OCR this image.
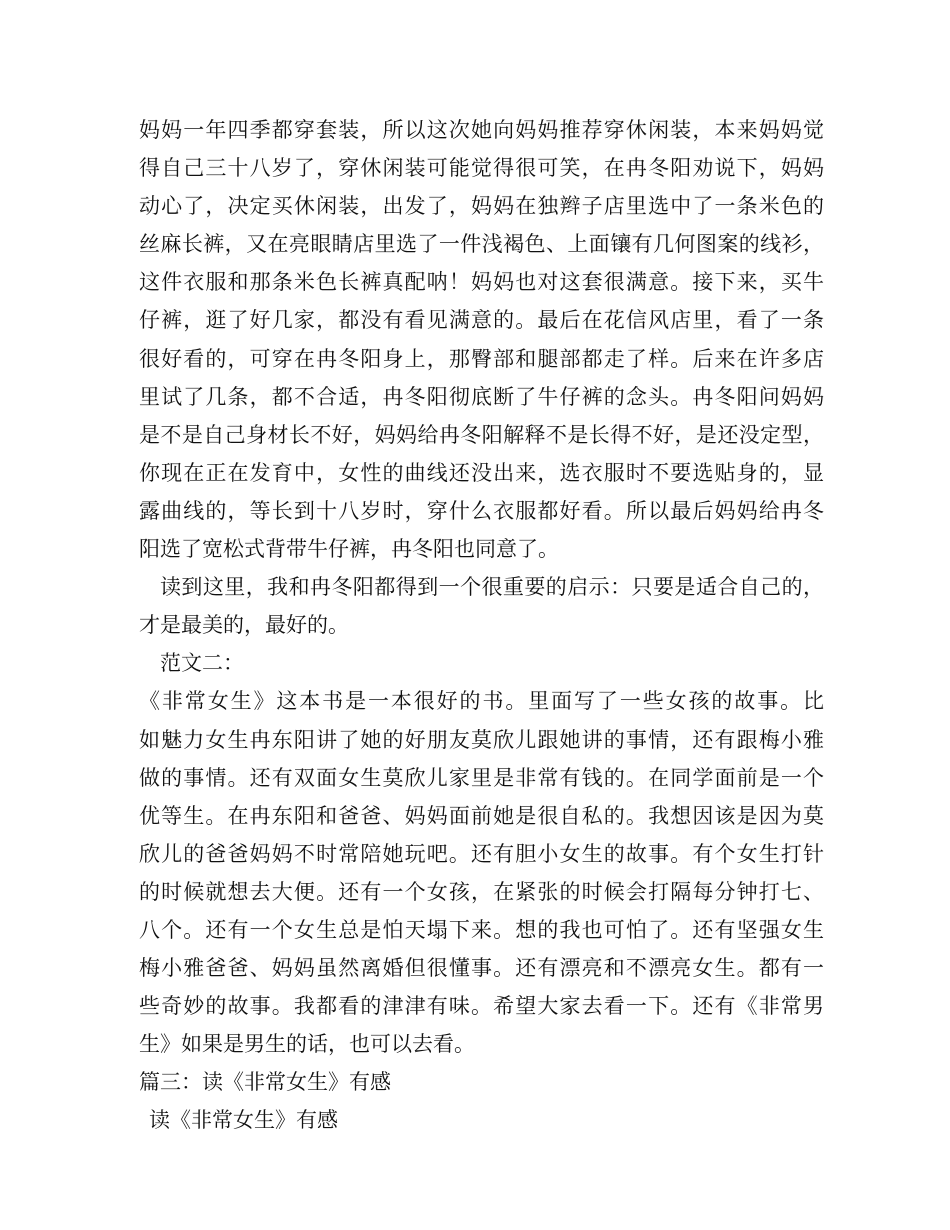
妈妈一年四季都穿套装，所以这次她向妈妈推荐穿休闲装，本来妈妈觉
得自己三十八岁了，穿休闲装可能觉得很可笑，在冉冬阳劝说下，妈妈
动心了，决定买休闲装，出发了，妈妈在独辫子店里选中了一条米色的
丝麻长裤，又在亮眼睛店里选了一件浅褐色、上面镶有几何图案的线衫，
这件衣服和那条米色长裤真配呐！妈妈也对这套很满意。接下来，买牛
仔裤，逛了好几家，都没有看见满意的。最后在花信风店里，看了一条
很好看的，可穿在冉冬阳身上，那臀部和腿部都走了样。后来在许多店
里试了几条，都不合适，冉冬阳彻底断了牛仔裤的念头。冉冬阳问妈妈
是不是自己身材长不好，妈妈给冉冬阳解释不是长得不好，是还没定型，
你现在正在发育中，女性的曲线还没出来，选衣服时不要选贴身的，显
露曲线的，等长到十八岁时，穿什么衣服都好看。所以最后妈妈给冉冬
阳选了宽松式背带牛仔裤，冉冬阳也同意了。
读到这里，我和冉冬阳都得到一个很重要的启示：只要是适合自己的，
才是最美的，最好的。
范文二：
《非常女生》这本书是一本很好的书。里面写了一些女孩的故事。比
如魅力女生冉东阳讲了她的好朋友莫欣儿跟她讲的事情，还有跟梅小雅
做的事情。还有双面女生莫欣儿家里是非常有钱的。在同学面前是一个
优等生。在冉东阳和爸爸、妈妈面前她是很自私的。我想因该是因为莫
欣儿的爸爸妈妈不时常陪她玩吧。还有胆小女生的故事。有个女生打针
的时候就想去大便。还有一个女孩，在紧张的时候会打隔每分钟打七、
八个。还有一个女生总是怕天塌下来。想的我也可怕了。还有坚强女生
梅小雅爸爸、妈妈虽然离婚但很懂事。还有漂亮和不漂亮女生。都有一
些奇妙的故事。我都看的津津有味。希望大家去看一下。还有《非常男
生》如果是男生的话，也可以去看。
篇三：读《非常女生》有感
读《非常女生》有感
